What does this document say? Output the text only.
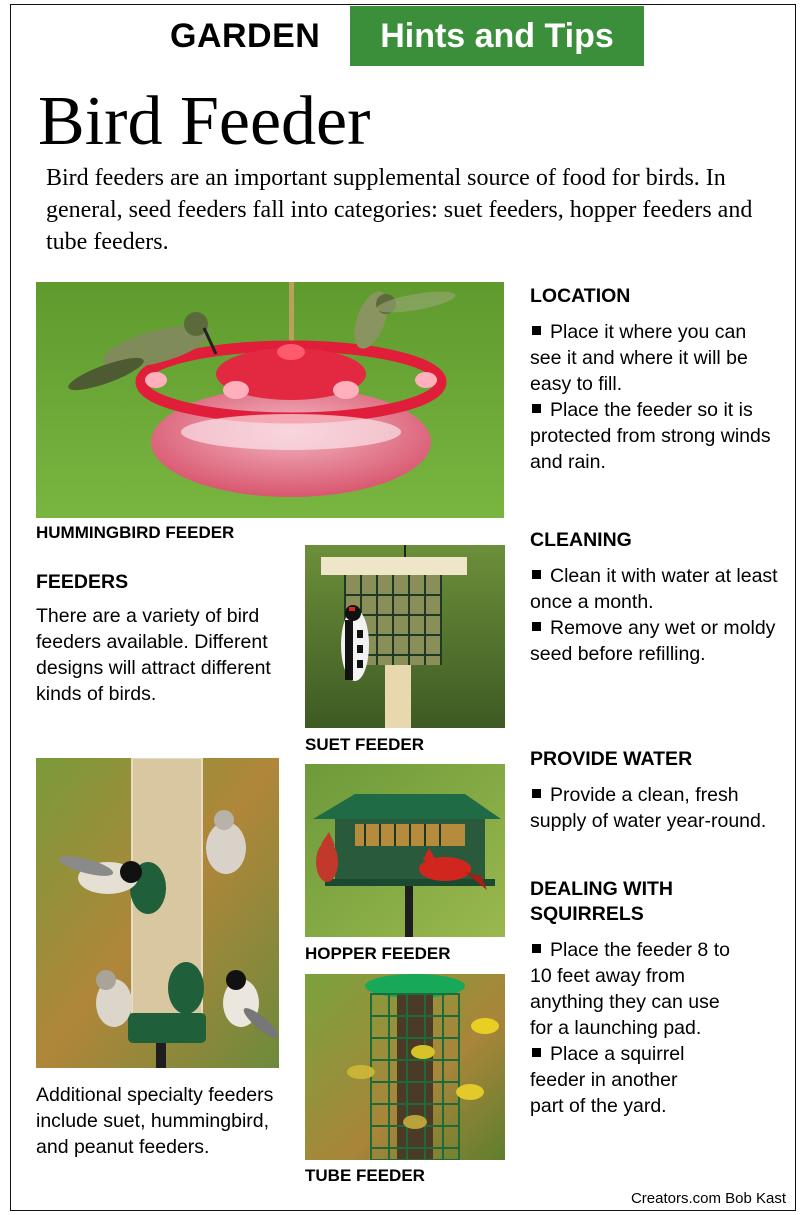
GARDEN	Hints and Tips
Bird Feeder
Bird feeders are an important supplemental source of food for birds. In general, seed feeders fall into categories: suet feeders, hopper feeders and tube feeders.
HUMMINGBIRD FEEDER
FEEDERS
There are a variety of bird feeders available. Different designs will attract different kinds of birds.
Additional specialty feeders include suet, hummingbird, and peanut feeders.
SUET FEEDER
HOPPER FEEDER
TUBE FEEDER
LOCATION

Place it where you can see it and where it will be easy to fill.

Place the feeder so it is protected from strong winds and rain.

CLEANING

Clean it with water at least once a month.

Remove any wet or moldy seed before refilling.

PROVIDE WATER

Provide a clean, fresh supply of water year-round.

DEALING WITH SQUIRRELS

Place the feeder 8 to 10 feet away from anything they can use for a launching pad.

Place a squirrel feeder in another part of the yard.

Creators.com Bob Kast
